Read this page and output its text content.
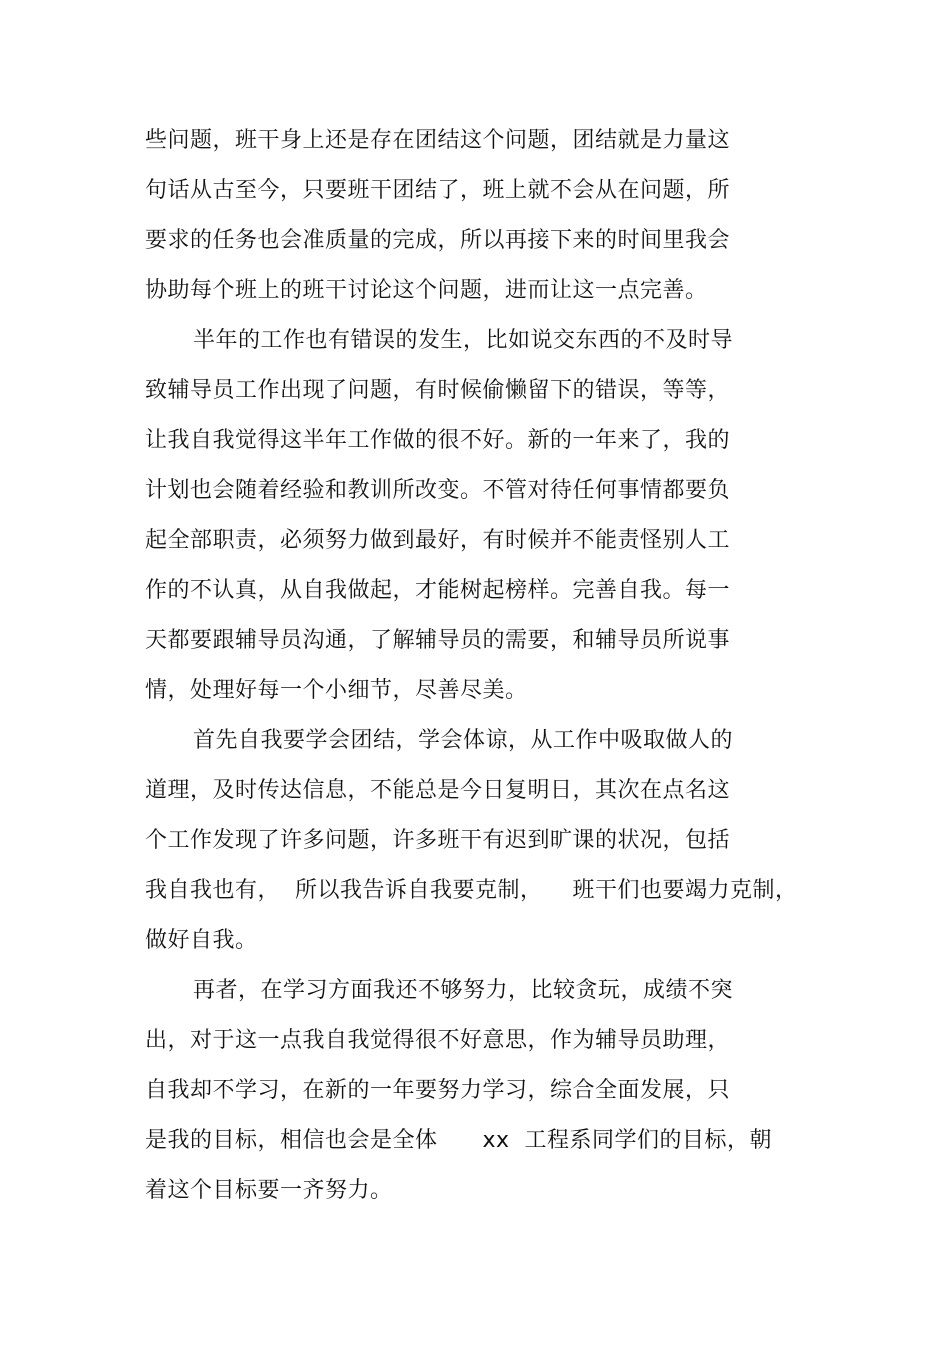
些问题，班干身上还是存在团结这个问题，团结就是力量这
句话从古至今，只要班干团结了，班上就不会从在问题，所
要求的任务也会准质量的完成，所以再接下来的时间里我会
协助每个班上的班干讨论这个问题，进而让这一点完善。
半年的工作也有错误的发生，比如说交东西的不及时导
致辅导员工作出现了问题，有时候偷懒留下的错误，等等，
让我自我觉得这半年工作做的很不好。新的一年来了，我的
计划也会随着经验和教训所改变。不管对待任何事情都要负
起全部职责，必须努力做到最好，有时候并不能责怪别人工
作的不认真，从自我做起，才能树起榜样。完善自我。每一
天都要跟辅导员沟通，了解辅导员的需要，和辅导员所说事
情，处理好每一个小细节，尽善尽美。
首先自我要学会团结，学会体谅，从工作中吸取做人的
道理，及时传达信息，不能总是今日复明日，其次在点名这
个工作发现了许多问题，许多班干有迟到旷课的状况，包括
我自我也有，  所以我告诉自我要克制，    班干们也要竭力克制，
做好自我。
再者，在学习方面我还不够努力，比较贪玩，成绩不突
出，对于这一点我自我觉得很不好意思，作为辅导员助理，
自我却不学习，在新的一年要努力学习，综合全面发展，只
是我的目标，相信也会是全体      xx  工程系同学们的目标，朝
着这个目标要一齐努力。
